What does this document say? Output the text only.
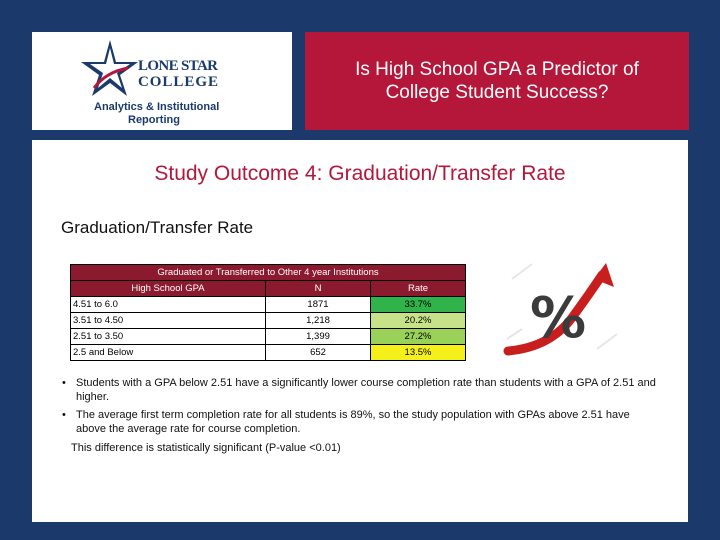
LONE STAR
COLLEGE
Analytics & Institutional
Reporting
Is High School GPA a Predictor of College Student Success?
Study Outcome 4: Graduation/Transfer Rate
Graduation/Transfer Rate
Graduated or Transferred to Other 4 year Institutions		
High School GPA	N	Rate
4.51 to 6.0	1871	33.7%
3.51 to 4.50	1,218	20.2%
2.51 to 3.50	1,399	27.2%
2.5 and Below	652	13.5%
%
• Students with a GPA below 2.51 have a significantly lower course completion rate than students with a GPA of 2.51 and higher.
• The average first term completion rate for all students is 89%, so the study population with GPAs above 2.51 have above the average rate for course completion.
This difference is statistically significant (P-value <0.01)
